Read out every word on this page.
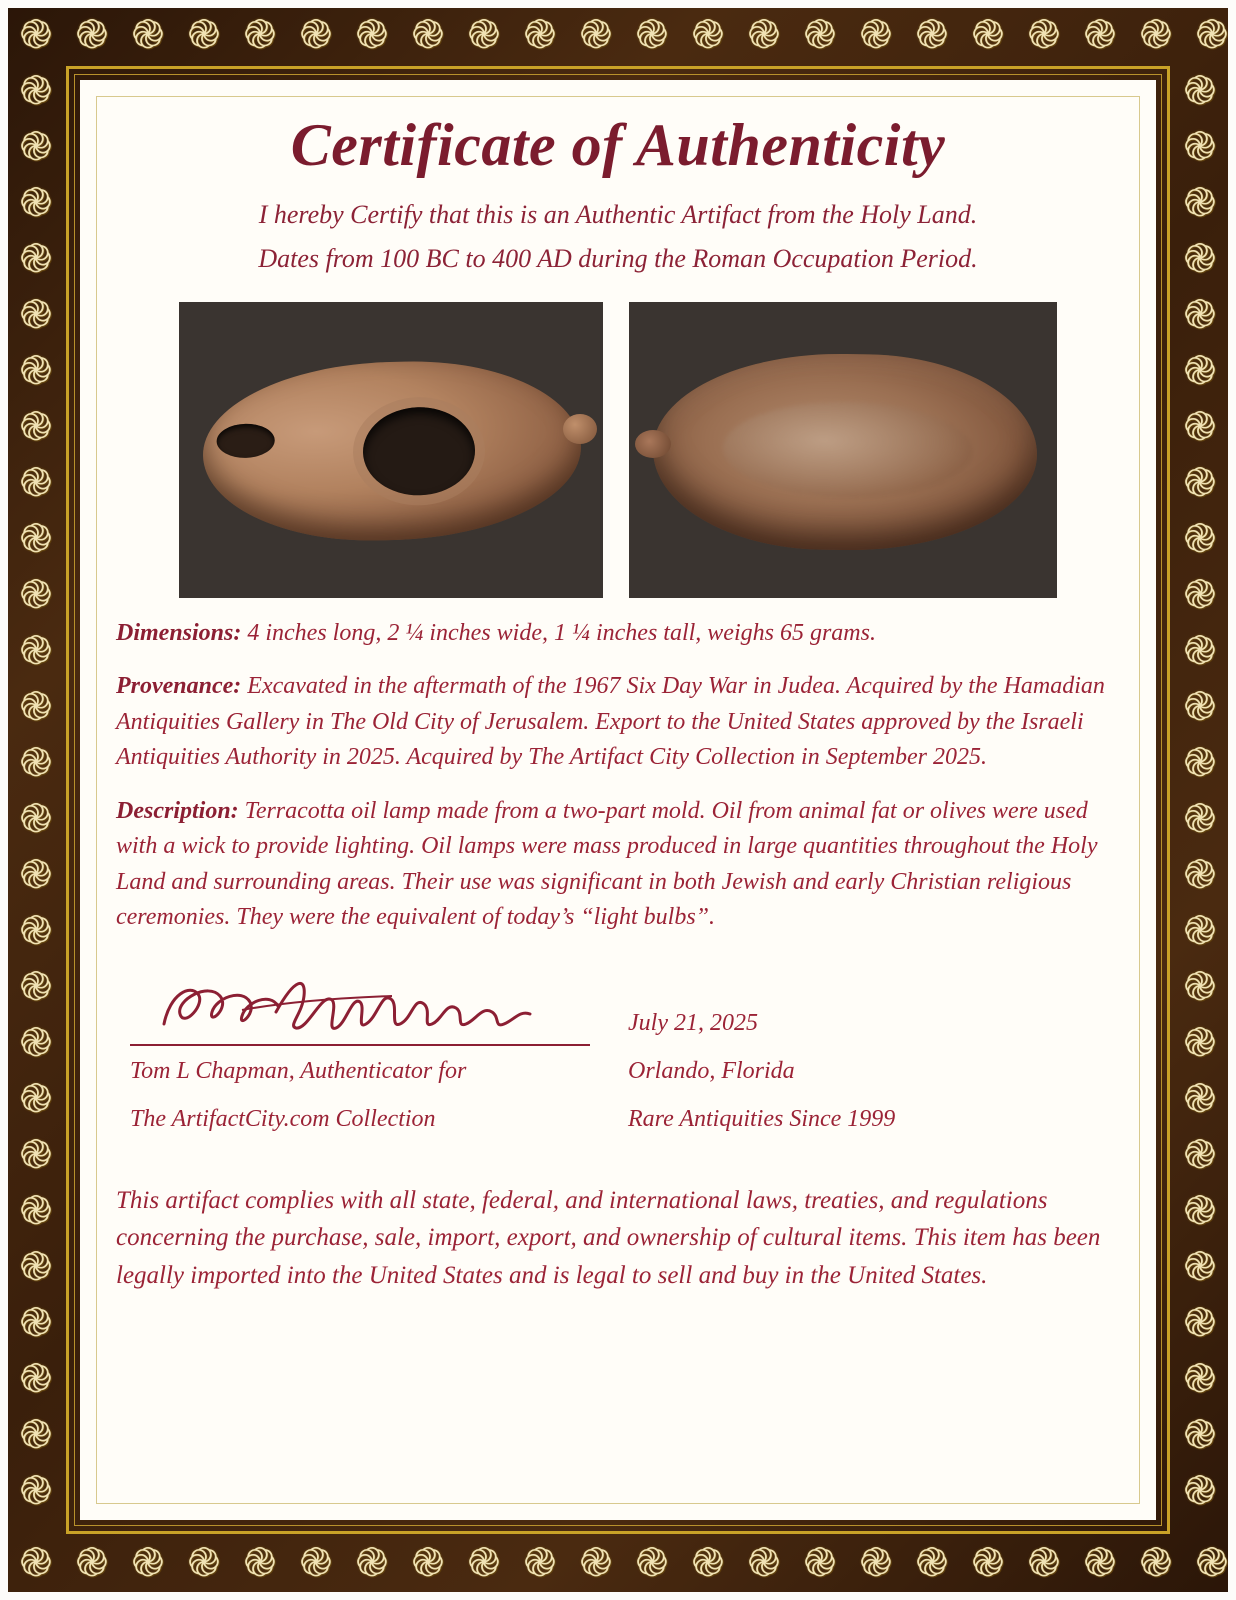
֎ ֎ ֎ ֎ ֎ ֎ ֎ ֎ ֎ ֎ ֎ ֎ ֎ ֎ ֎ ֎ ֎ ֎ ֎ ֎ ֎ ֎
֎ ֎ ֎ ֎ ֎ ֎ ֎ ֎ ֎ ֎ ֎ ֎ ֎ ֎ ֎ ֎ ֎ ֎ ֎ ֎ ֎ ֎
֎
֎
֎
֎
֎
֎
֎
֎
֎
֎
֎
֎
֎
֎
֎
֎
֎
֎
֎
֎
֎
֎
֎
֎
֎
֎
֎
֎
֎
֎
֎
֎
֎
֎
֎
֎
֎
֎
֎
֎
֎
֎
֎
֎
֎
֎
֎
֎
֎
֎
֎
֎
Certificate of Authenticity

I hereby Certify that this is an Authentic Artifact from the Holy Land.

Dates from 100 BC to 400 AD during the Roman Occupation Period.

Dimensions: 4 inches long, 2 ¼ inches wide, 1 ¼ inches tall, weighs 65 grams.

Provenance: Excavated in the aftermath of the 1967 Six Day War in Judea. Acquired by the Hamadian Antiquities Gallery in The Old City of Jerusalem. Export to the United States approved by the Israeli Antiquities Authority in 2025. Acquired by The Artifact City Collection in September 2025.

Description: Terracotta oil lamp made from a two-part mold. Oil from animal fat or olives were used with a wick to provide lighting. Oil lamps were mass produced in large quantities throughout the Holy Land and surrounding areas. Their use was significant in both Jewish and early Christian religious ceremonies. They were the equivalent of today’s “light bulbs”.

Tom L Chapman, Authenticator for
The ArtifactCity.com Collection
July 21, 2025
Orlando, Florida
Rare Antiquities Since 1999

This artifact complies with all state, federal, and international laws, treaties, and regulations concerning the purchase, sale, import, export, and ownership of cultural items. This item has been legally imported into the United States and is legal to sell and buy in the United States.
